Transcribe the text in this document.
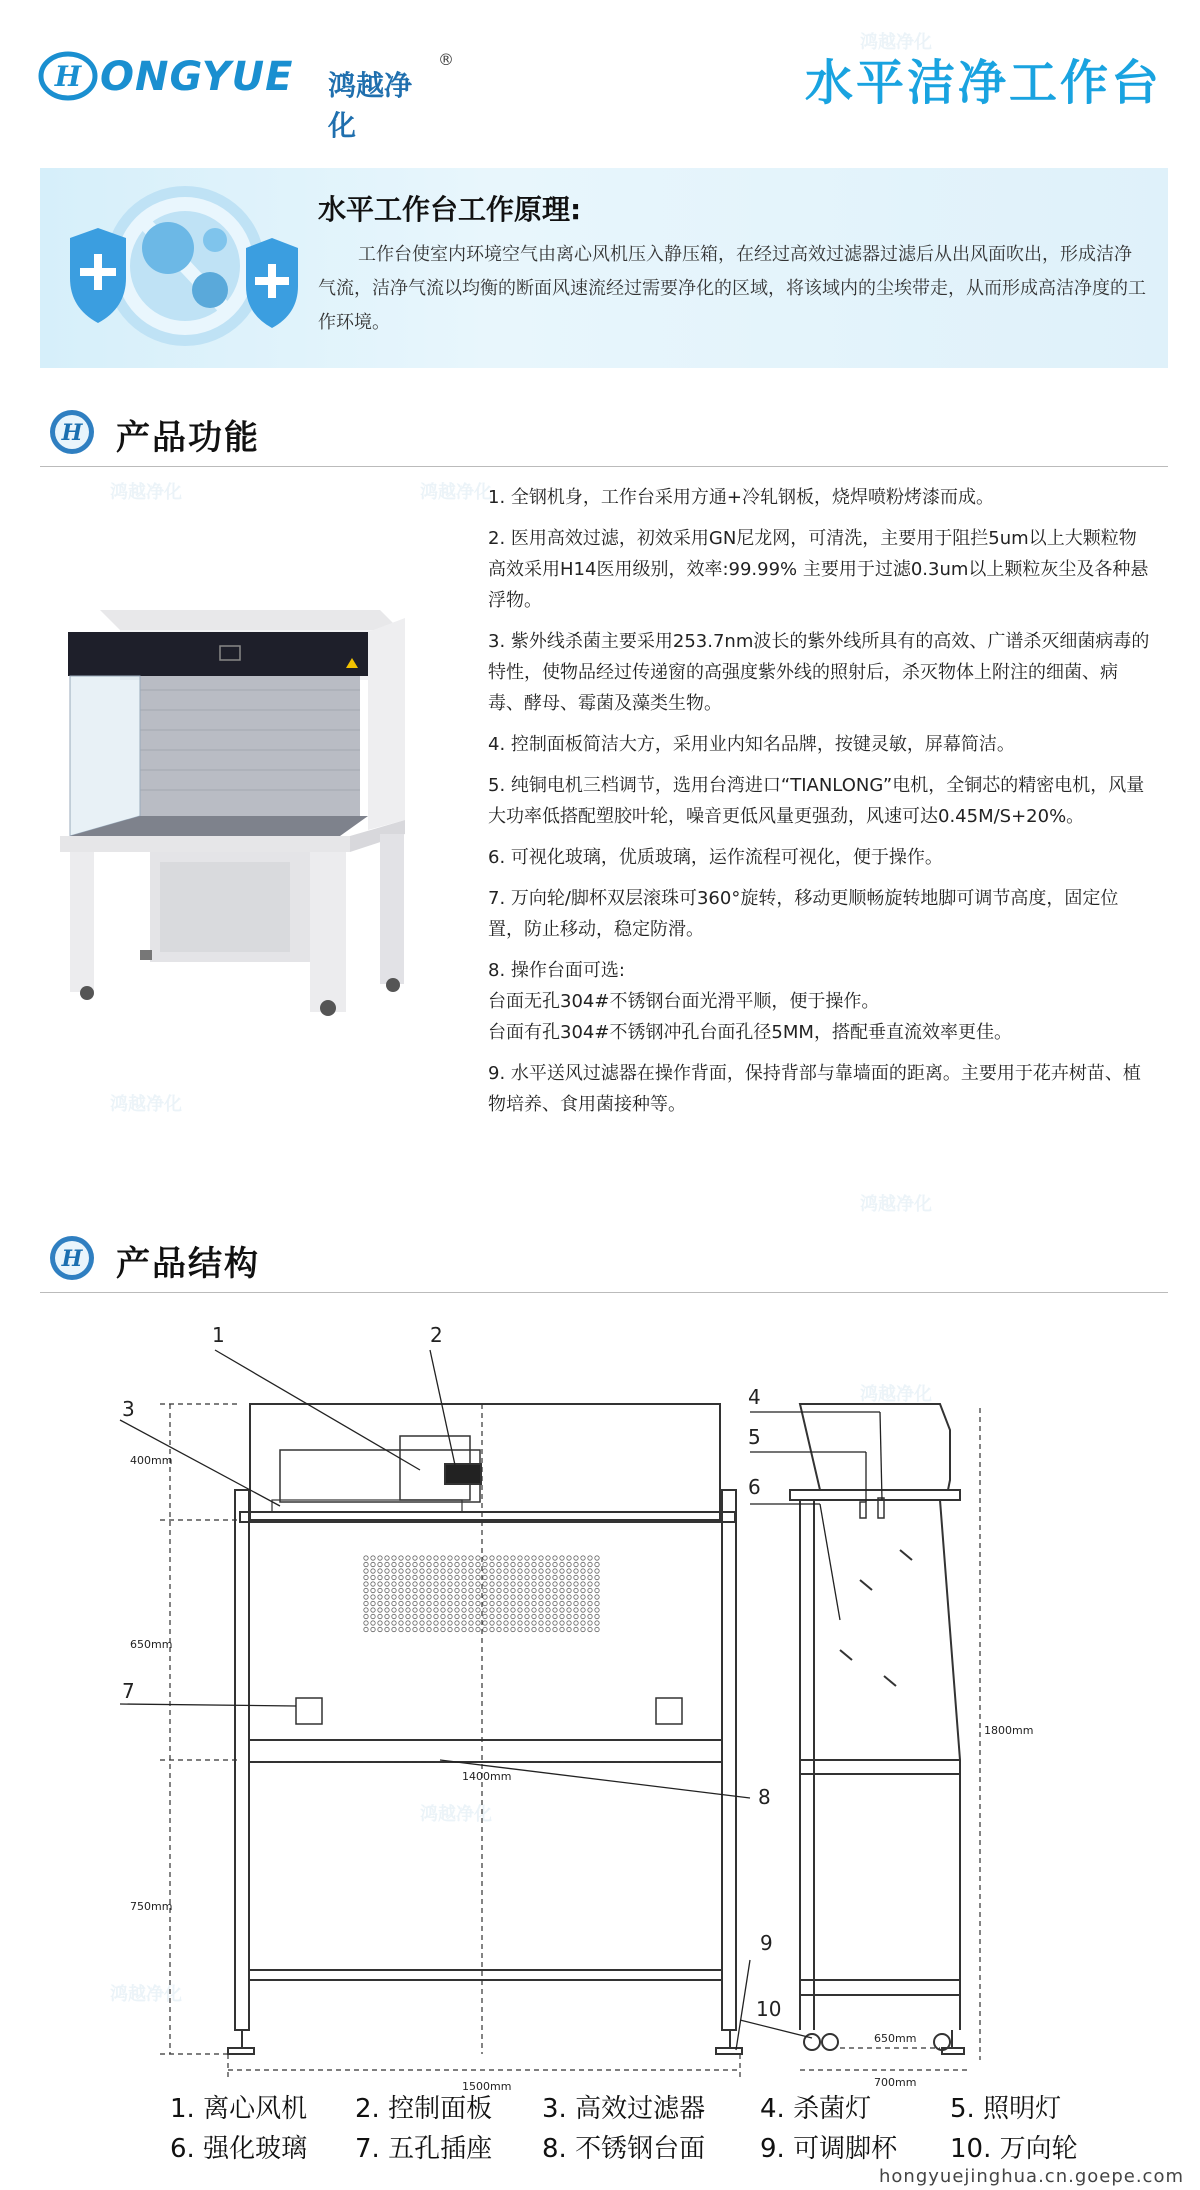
鸿越净化
鸿越净化	鸿越净化
鸿越净化
鸿越净化
鸿越净化
鸿越净化
鸿越净化
H ONGYUE 鸿越净化
®	水平洁净工作台
水平工作台工作原理:
工作台使室内环境空气由离心风机压入静压箱，在经过高效过滤器过滤后从出风面吹出，形成洁净气流，洁净气流以均衡的断面风速流经过需要净化的区域，将该域内的尘埃带走，从而形成高洁净度的工作环境。
H 产品功能
1. 全钢机身，工作台采用方通+冷轧钢板，烧焊喷粉烤漆而成。
2. 医用高效过滤，初效采用GN尼龙网，可清洗，主要用于阻拦5um以上大颗粒物高效采用H14医用级别，效率:99.99% 主要用于过滤0.3um以上颗粒灰尘及各种悬浮物。
3. 紫外线杀菌主要采用253.7nm波长的紫外线所具有的高效、广谱杀灭细菌病毒的特性，使物品经过传递窗的高强度紫外线的照射后，杀灭物体上附注的细菌、病毒、酵母、霉菌及藻类生物。
4. 控制面板简洁大方，采用业内知名品牌，按键灵敏，屏幕简洁。
5. 纯铜电机三档调节，选用台湾进口“TIANLONG”电机，全铜芯的精密电机，风量大功率低搭配塑胶叶轮，噪音更低风量更强劲，风速可达0.45M/S+20%。
6. 可视化玻璃，优质玻璃，运作流程可视化，便于操作。
7. 万向轮/脚杯双层滚珠可360°旋转，移动更顺畅旋转地脚可调节高度，固定位置，防止移动，稳定防滑。
8. 操作台面可选:
台面无孔304#不锈钢台面光滑平顺，便于操作。
台面有孔304#不锈钢冲孔台面孔径5MM，搭配垂直流效率更佳。
9. 水平送风过滤器在操作背面，保持背部与靠墙面的距离。主要用于花卉树苗、植物培养、食用菌接种等。
H 产品结构
1	2
3	4
5
6
7
8
9
10
400mm
650mm
750mm
1400mm
1500mm
1800mm
650mm
700mm
1. 离心风机 2. 控制面板 3. 高效过滤器 4. 杀菌灯	5. 照明灯
6. 强化玻璃 7. 五孔插座 8. 不锈钢台面 9. 可调脚杯 10. 万向轮
hongyuejinghua.cn.goepe.com
